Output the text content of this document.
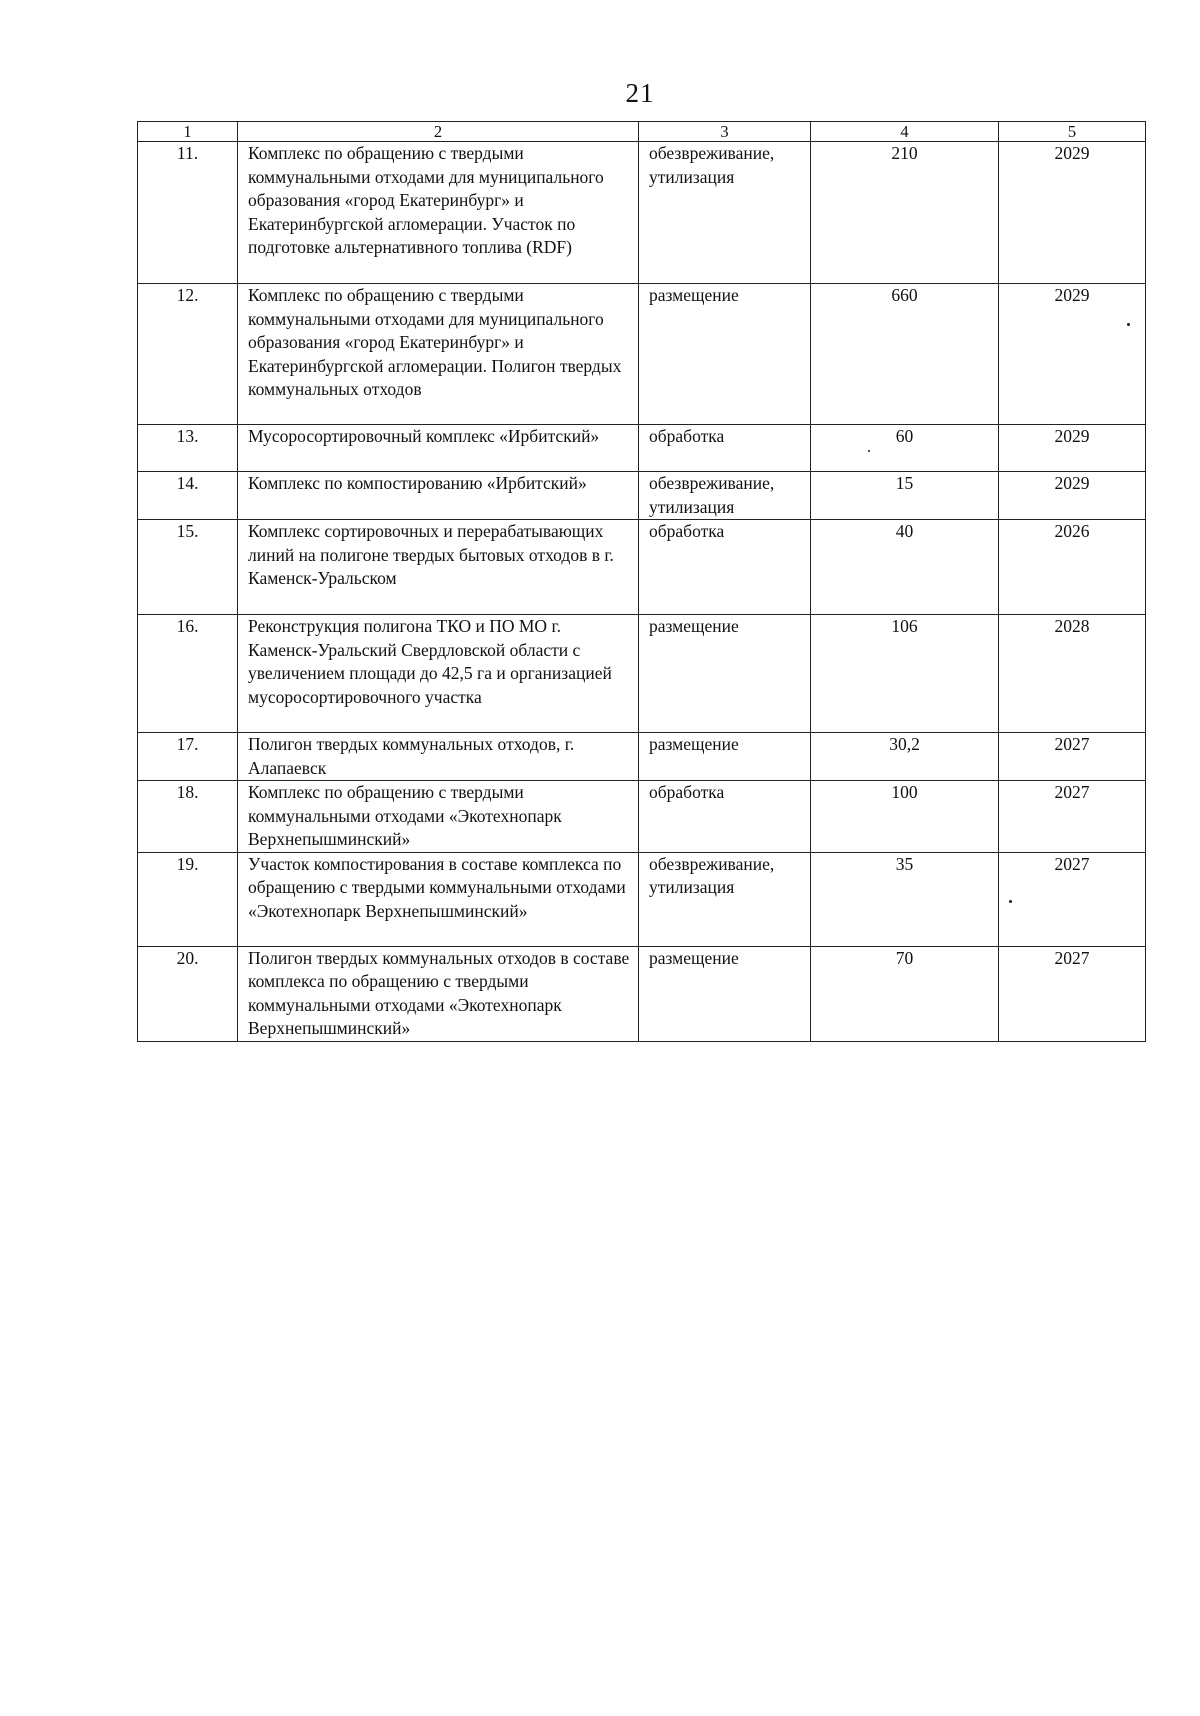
21
1	2	3	4	5
11.	Комплекс по обращению с твердыми коммунальными отходами для муниципального образования «город Екатеринбург» и Екатеринбургской агломерации. Участок по подготовке альтернативного топлива (RDF)	обезвреживание, утилизация	210	2029
12.	Комплекс по обращению с твердыми коммунальными отходами для муниципального образования «город Екатеринбург» и Екатеринбургской агломерации. Полигон твердых коммунальных отходов	размещение	660	2029
13.	Мусоросортировочный комплекс «Ирбитский»	обработка	60	2029
14.	Комплекс по компостированию «Ирбитский»	обезвреживание, утилизация	15	2029
15.	Комплекс сортировочных и перерабатывающих линий на полигоне твердых бытовых отходов в г. Каменск-Уральском	обработка	40	2026
16.	Реконструкция полигона ТКО и ПО МО г. Каменск-Уральский Свердловской области с увеличением площади до 42,5 га и организацией мусоросортировочного участка	размещение	106	2028
17.	Полигон твердых коммунальных отходов, г. Алапаевск	размещение	30,2	2027
18.	Комплекс по обращению с твердыми коммунальными отходами «Экотехнопарк Верхнепышминский»	обработка	100	2027
19.	Участок компостирования в составе комплекса по обращению с твердыми коммунальными отходами «Экотехнопарк Верхнепышминский»	обезвреживание, утилизация	35	2027
20.	Полигон твердых коммунальных отходов в составе комплекса по обращению с твердыми коммунальными отходами «Экотехнопарк Верхнепышминский»	размещение	70	2027
